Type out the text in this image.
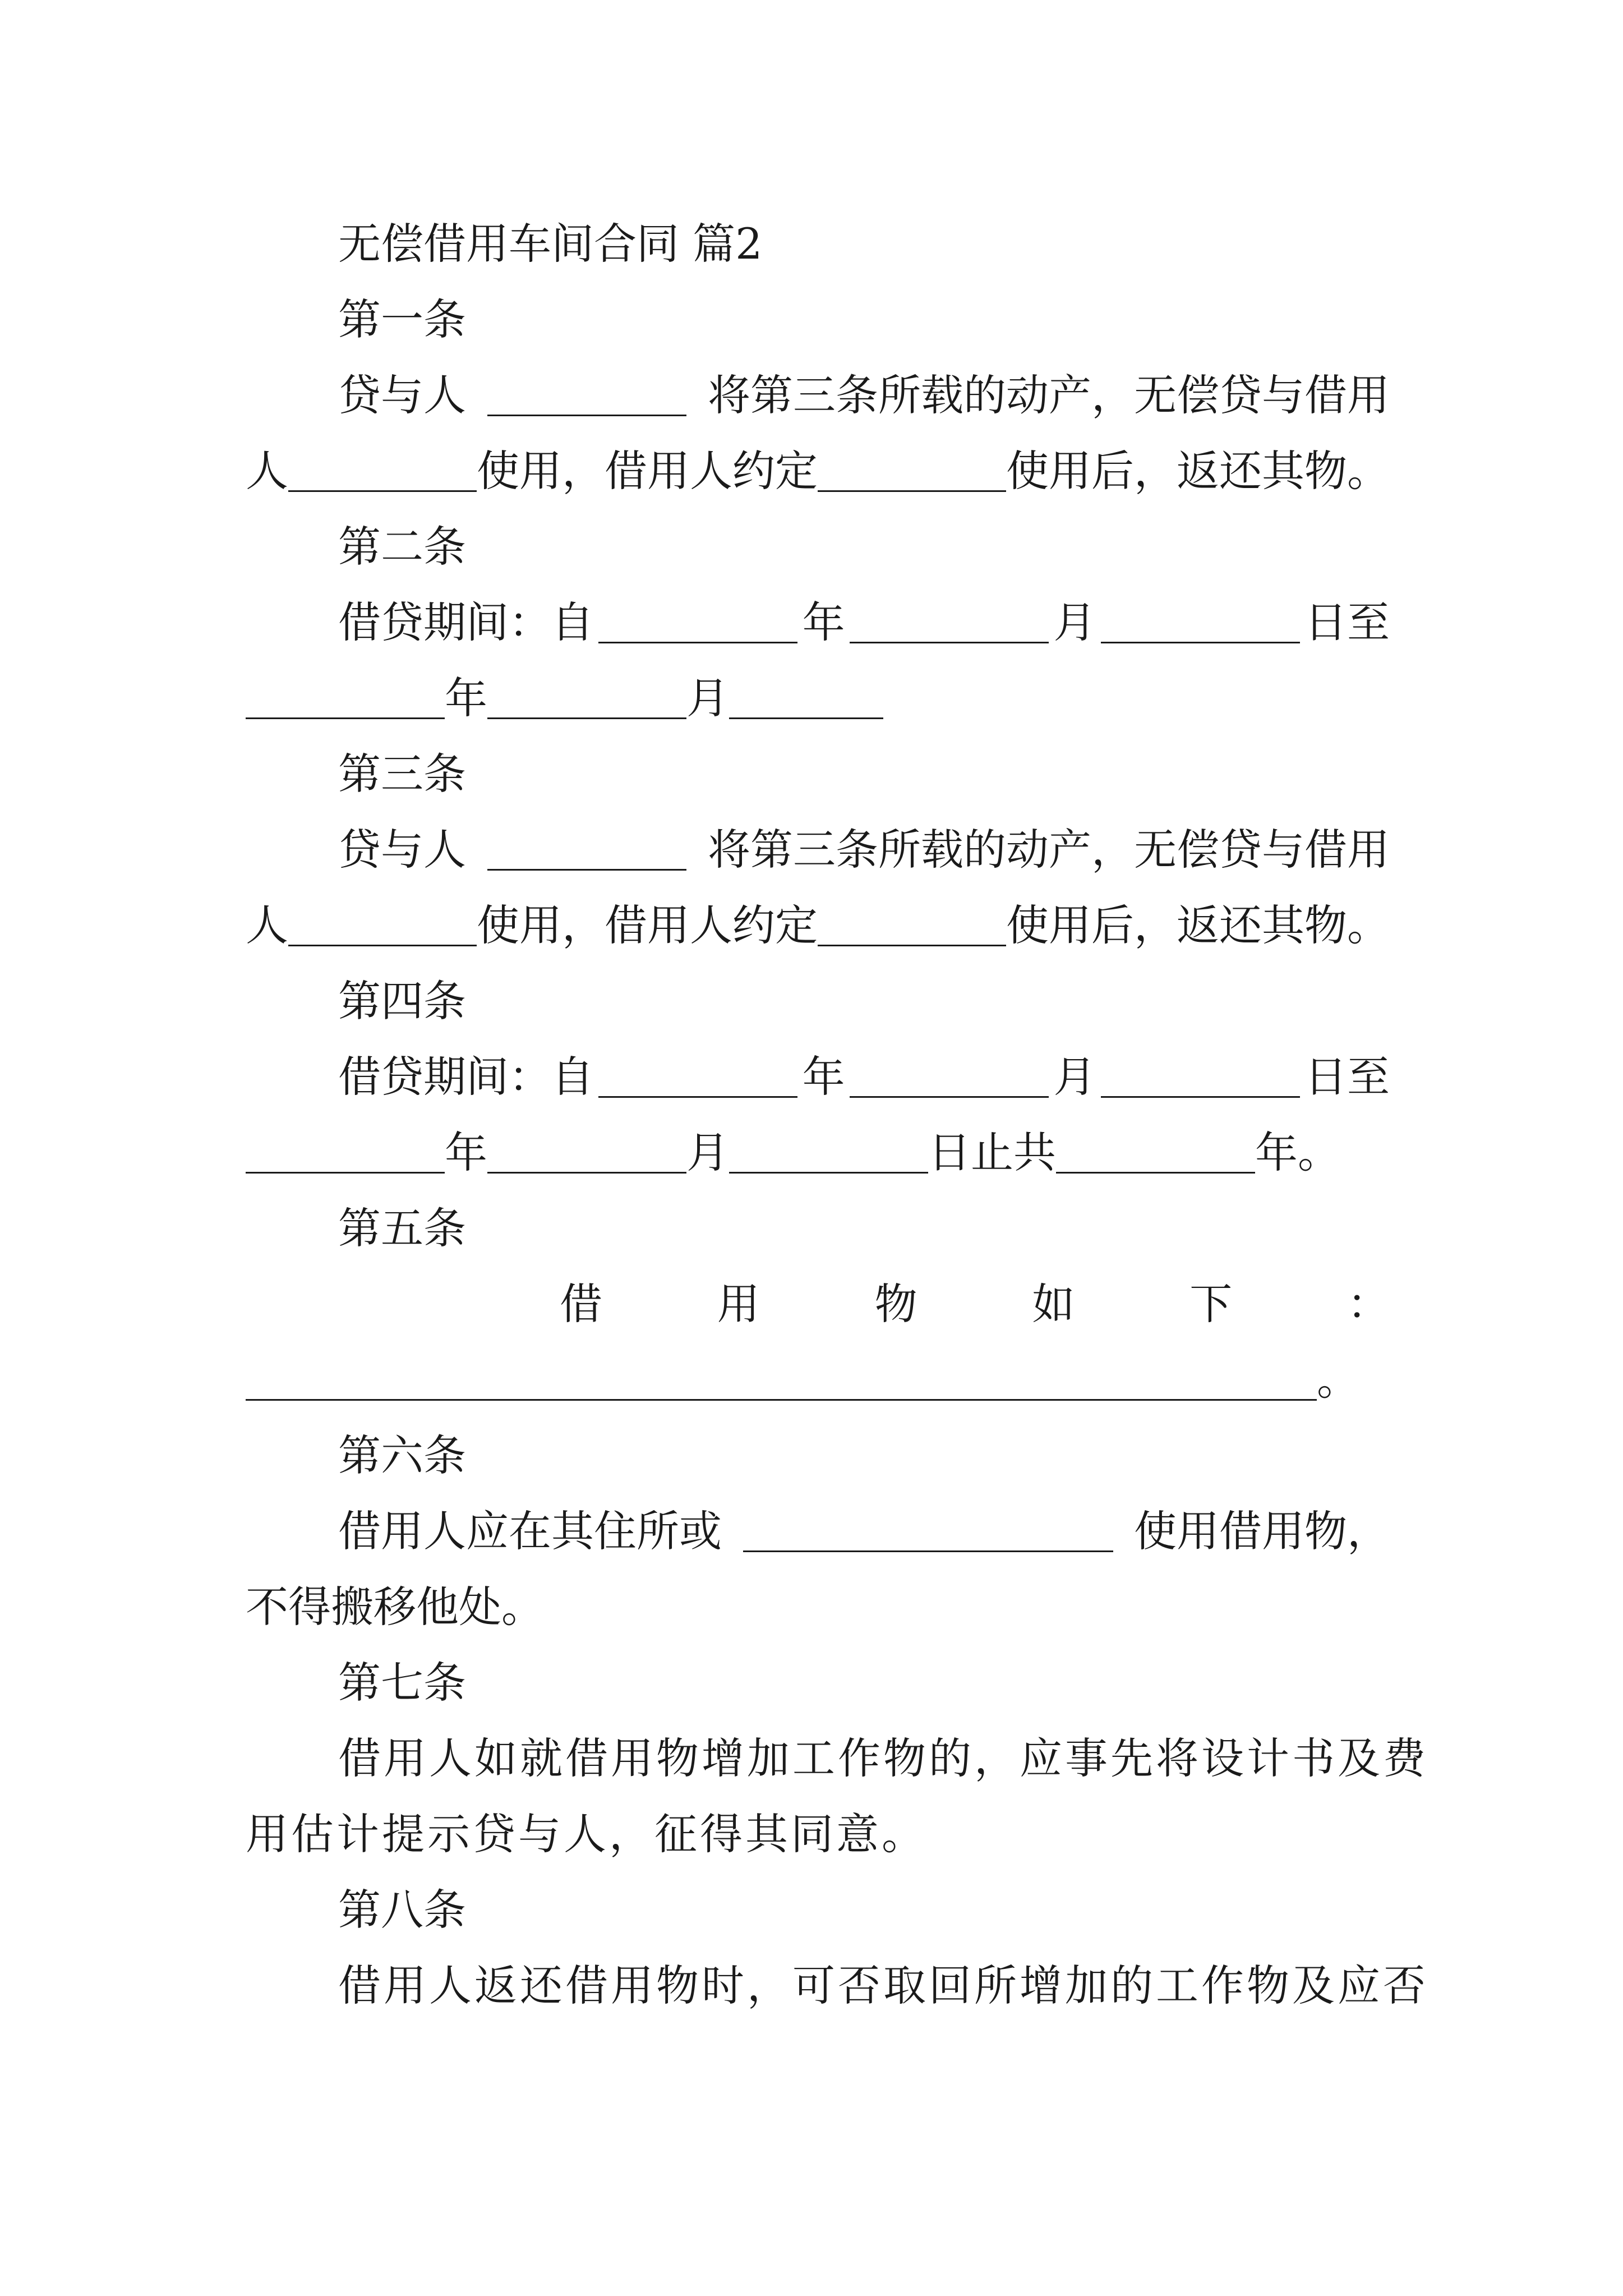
无偿借用车间合同 篇2
第一条
贷与人	将第三条所载的动产，无偿贷与借用
人	使用，借用人约定	使用后，返还其物。
第二条
借贷期间：自	年	月	日至
年	月
第三条
贷与人	将第三条所载的动产，无偿贷与借用
人	使用，借用人约定	使用后，返还其物。
第四条
借贷期间：自	年	月	日至
年	月	日止共	年。
第五条
借	用	物	如	下	：
。
第六条
借用人应在其住所或	使用借用物，
不得搬移他处。
第七条
借用人如就借用物增加工作物的，应事先将设计书及费
用估计提示贷与人，征得其同意。
第八条
借用人返还借用物时，可否取回所增加的工作物及应否
